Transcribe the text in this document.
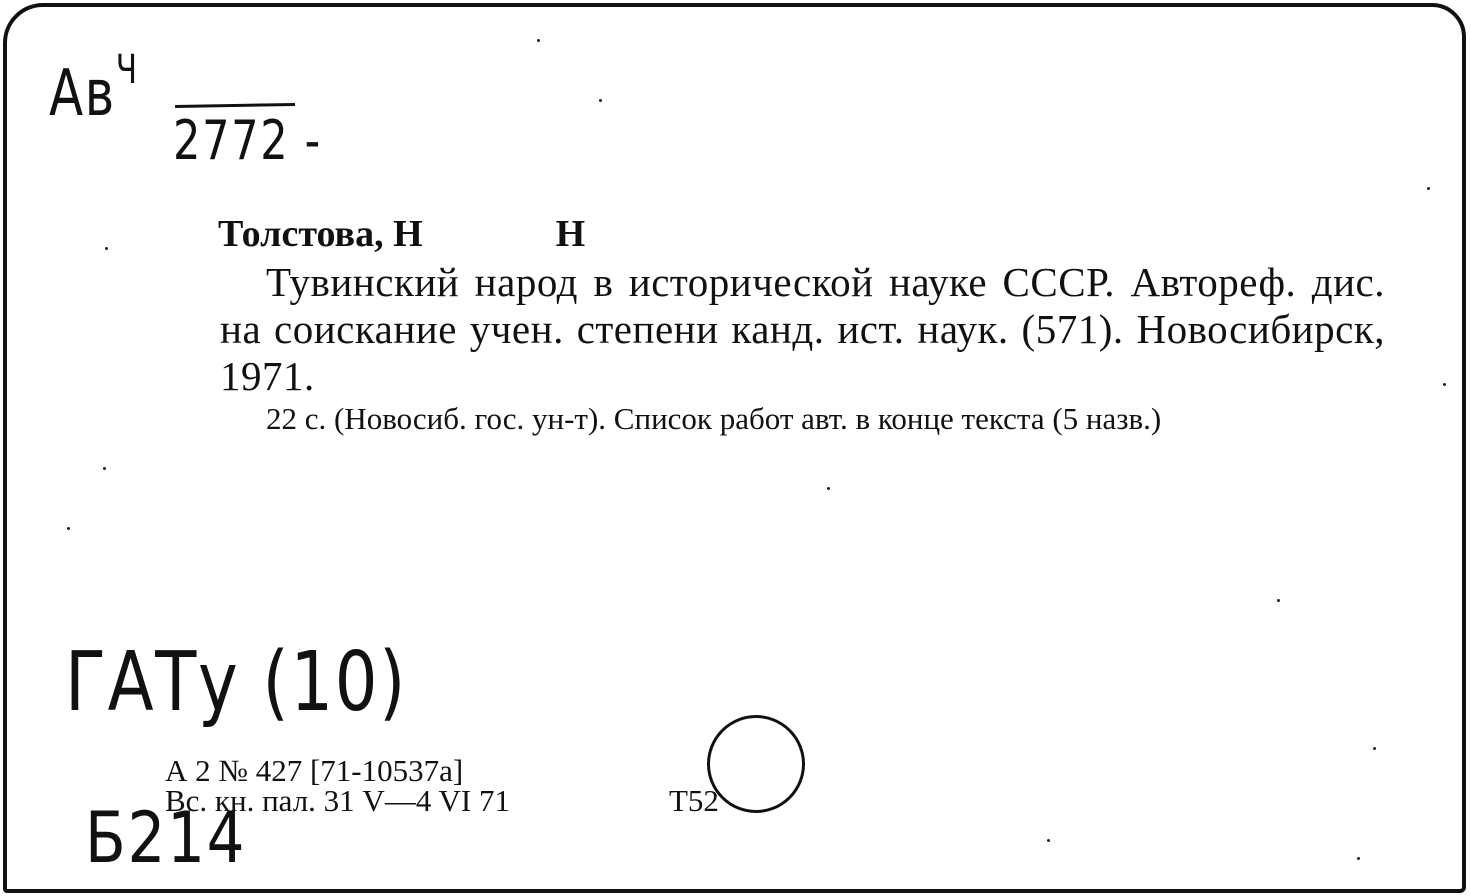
$Ав^Ч$
2772 -
Толстова, Н              Н
Тувинский народ в исторической науке СССР. Автореф. дис. на соискание учен. степени канд. ист. наук. (571). Новосибирск, 1971.
22 с. (Новосиб. гос. ун-т). Список работ авт. в конце текста (5 назв.)
ГАТу (10)
А 2 № 427 [71-10537а]
Вс. кн. пал. 31 V—4 VI 71	Т52
Б214
